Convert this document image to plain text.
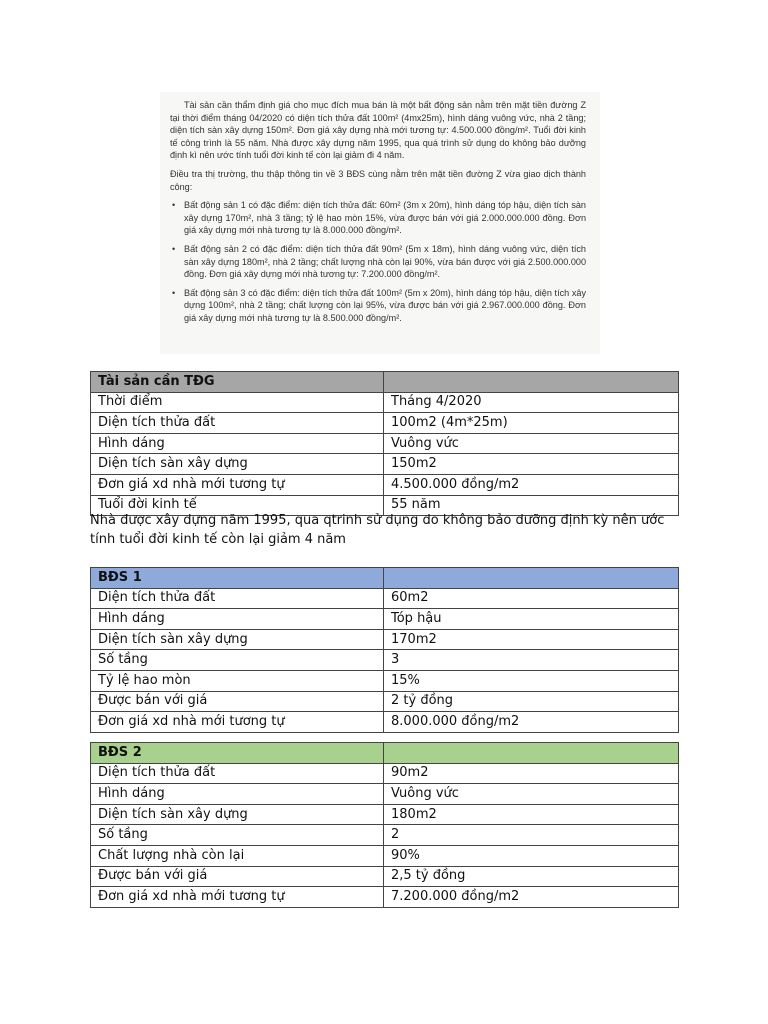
Tài sản cần thẩm định giá cho mục đích mua bán là một bất động sản nằm trên mặt tiền đường Z tại thời điểm tháng 04/2020 có diện tích thửa đất 100m² (4mx25m), hình dáng vuông vức, nhà 2 tầng; diện tích sàn xây dựng 150m². Đơn giá xây dựng nhà mới tương tự: 4.500.000 đồng/m². Tuổi đời kinh tế công trình là 55 năm. Nhà được xây dựng năm 1995, qua quá trình sử dụng do không bảo dưỡng định kì nên ước tính tuổi đời kinh tế còn lại giảm đi 4 năm.

Điều tra thị trường, thu thập thông tin về 3 BĐS cùng nằm trên mặt tiền đường Z vừa giao dịch thành công:

• Bất động sản 1 có đặc điểm: diện tích thửa đất: 60m² (3m x 20m), hình dáng tóp hậu, diện tích sàn xây dựng 170m², nhà 3 tầng; tỷ lệ hao mòn 15%, vừa được bán với giá 2.000.000.000 đồng. Đơn giá xây dựng mới nhà tương tự là 8.000.000 đồng/m².
• Bất động sản 2 có đặc điểm: diện tích thửa đất 90m² (5m x 18m), hình dáng vuông vức, diện tích sàn xây dựng 180m², nhà 2 tầng; chất lượng nhà còn lại 90%, vừa bán được với giá 2.500.000.000 đồng. Đơn giá xây dựng mới nhà tương tự: 7.200.000 đồng/m².
• Bất động sản 3 có đặc điểm: diện tích thửa đất 100m² (5m x 20m), hình dáng tóp hậu, diện tích xây dựng 100m², nhà 2 tầng; chất lượng còn lại 95%, vừa được bán với giá 2.967.000.000 đồng. Đơn giá xây dựng mới nhà tương tự là 8.500.000 đồng/m².
Tài sản cần TĐG	
Thời điểm	Tháng 4/2020
Diện tích thửa đất	100m2 (4m*25m)
Hình dáng	Vuông vức
Diện tích sàn xây dựng	150m2
Đơn giá xd nhà mới tương tự	4.500.000 đồng/m2
Tuổi đời kinh tế	55 năm

Nhà được xây dựng năm 1995, qua qtrinh sử dụng do không bảo dưỡng định kỳ nên ước tính tuổi đời kinh tế còn lại giảm 4 năm

BĐS 1	
Diện tích thửa đất	60m2
Hình dáng	Tóp hậu
Diện tích sàn xây dựng	170m2
Số tầng	3
Tỷ lệ hao mòn	15%
Được bán với giá	2 tỷ đồng
Đơn giá xd nhà mới tương tự	8.000.000 đồng/m2
BĐS 2	
Diện tích thửa đất	90m2
Hình dáng	Vuông vức
Diện tích sàn xây dựng	180m2
Số tầng	2
Chất lượng nhà còn lại	90%
Được bán với giá	2,5 tỷ đồng
Đơn giá xd nhà mới tương tự	7.200.000 đồng/m2
